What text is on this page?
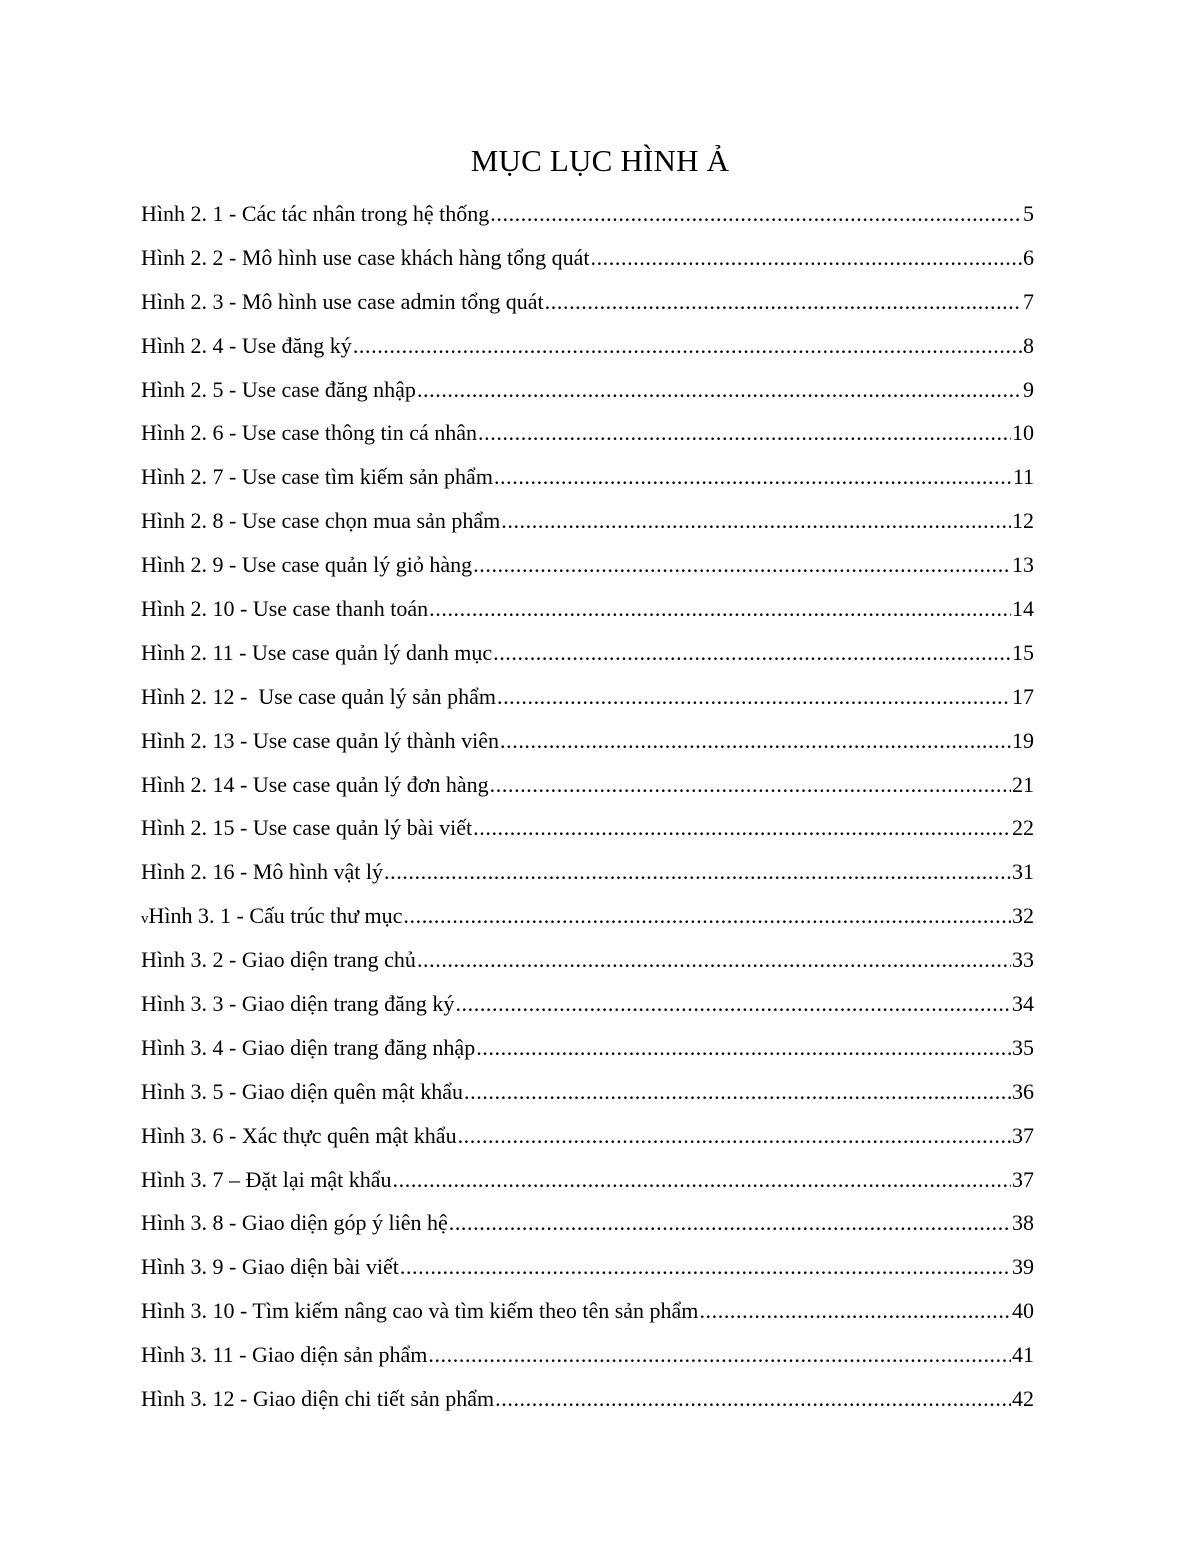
MỤC LỤC HÌNH Ả
Hình 2. 1 - Các tác nhân trong hệ thống .....	5
Hình 2. 2 - Mô hình use case khách hàng tổng quát .....	6
Hình 2. 3 - Mô hình use case admin tổng quát .....	7
Hình 2. 4 - Use đăng ký .....	8
Hình 2. 5 - Use case đăng nhập .....	9
Hình 2. 6 - Use case thông tin cá nhân .....	10
Hình 2. 7 - Use case tìm kiếm sản phẩm .....	11
Hình 2. 8 - Use case chọn mua sản phẩm .....	12
Hình 2. 9 - Use case quản lý giỏ hàng .....	13
Hình 2. 10 - Use case thanh toán .....	14
Hình 2. 11 - Use case quản lý danh mục .....	15
Hình 2. 12 -  Use case quản lý sản phẩm .....	17
Hình 2. 13 - Use case quản lý thành viên .....	19
Hình 2. 14 - Use case quản lý đơn hàng .....	21
Hình 2. 15 - Use case quản lý bài viết .....	22
Hình 2. 16 - Mô hình vật lý .....	31
vHình 3. 1 - Cấu trúc thư mục .....	32
Hình 3. 2 - Giao diện trang chủ .....	33
Hình 3. 3 - Giao diện trang đăng ký .....	34
Hình 3. 4 - Giao diện trang đăng nhập .....	35
Hình 3. 5 - Giao diện quên mật khẩu .....	36
Hình 3. 6 - Xác thực quên mật khẩu .....	37
Hình 3. 7 – Đặt lại mật khẩu .....	37
Hình 3. 8 - Giao diện góp ý liên hệ .....	38
Hình 3. 9 - Giao diện bài viết .....	39
Hình 3. 10 - Tìm kiếm nâng cao và tìm kiếm theo tên sản phẩm .....	40
Hình 3. 11 - Giao diện sản phẩm .....	41
Hình 3. 12 - Giao diện chi tiết sản phẩm .....	42
